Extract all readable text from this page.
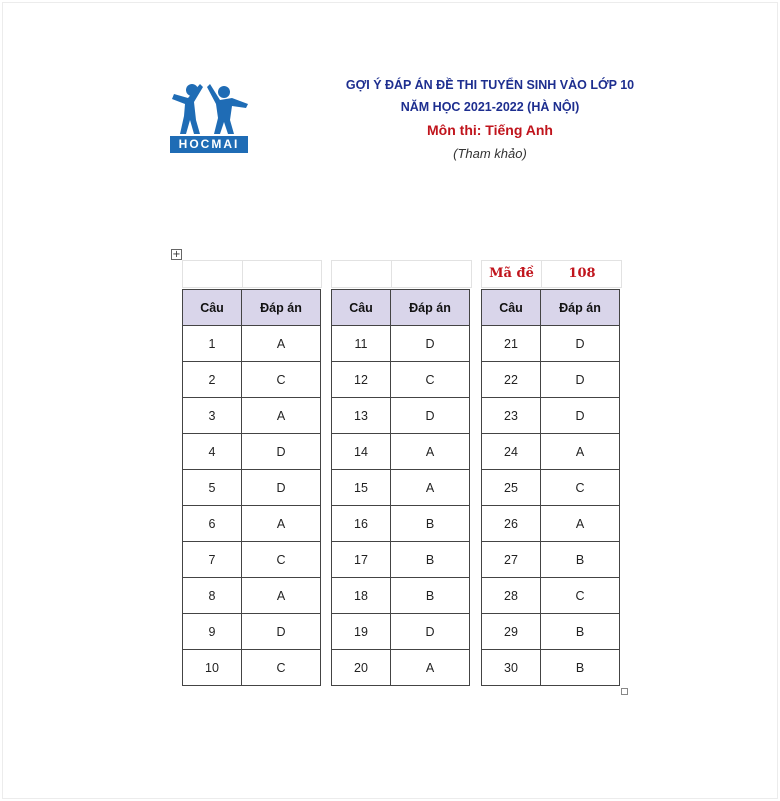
HOCMAI
GỢI Ý ĐÁP ÁN ĐỀ THI TUYỂN SINH VÀO LỚP 10
NĂM HỌC 2021-2022 (HÀ NỘI)
Môn thi: Tiếng Anh
(Tham khảo)
+
Mã đề	108
Câu	Đáp án
1	A
2	C
3	A
4	D
5	D
6	A
7	C
8	A
9	D
10	C
Câu	Đáp án
11	D
12	C
13	D
14	A
15	A
16	B
17	B
18	B
19	D
20	A
Câu	Đáp án
21	D
22	D
23	D
24	A
25	C
26	A
27	B
28	C
29	B
30	B
